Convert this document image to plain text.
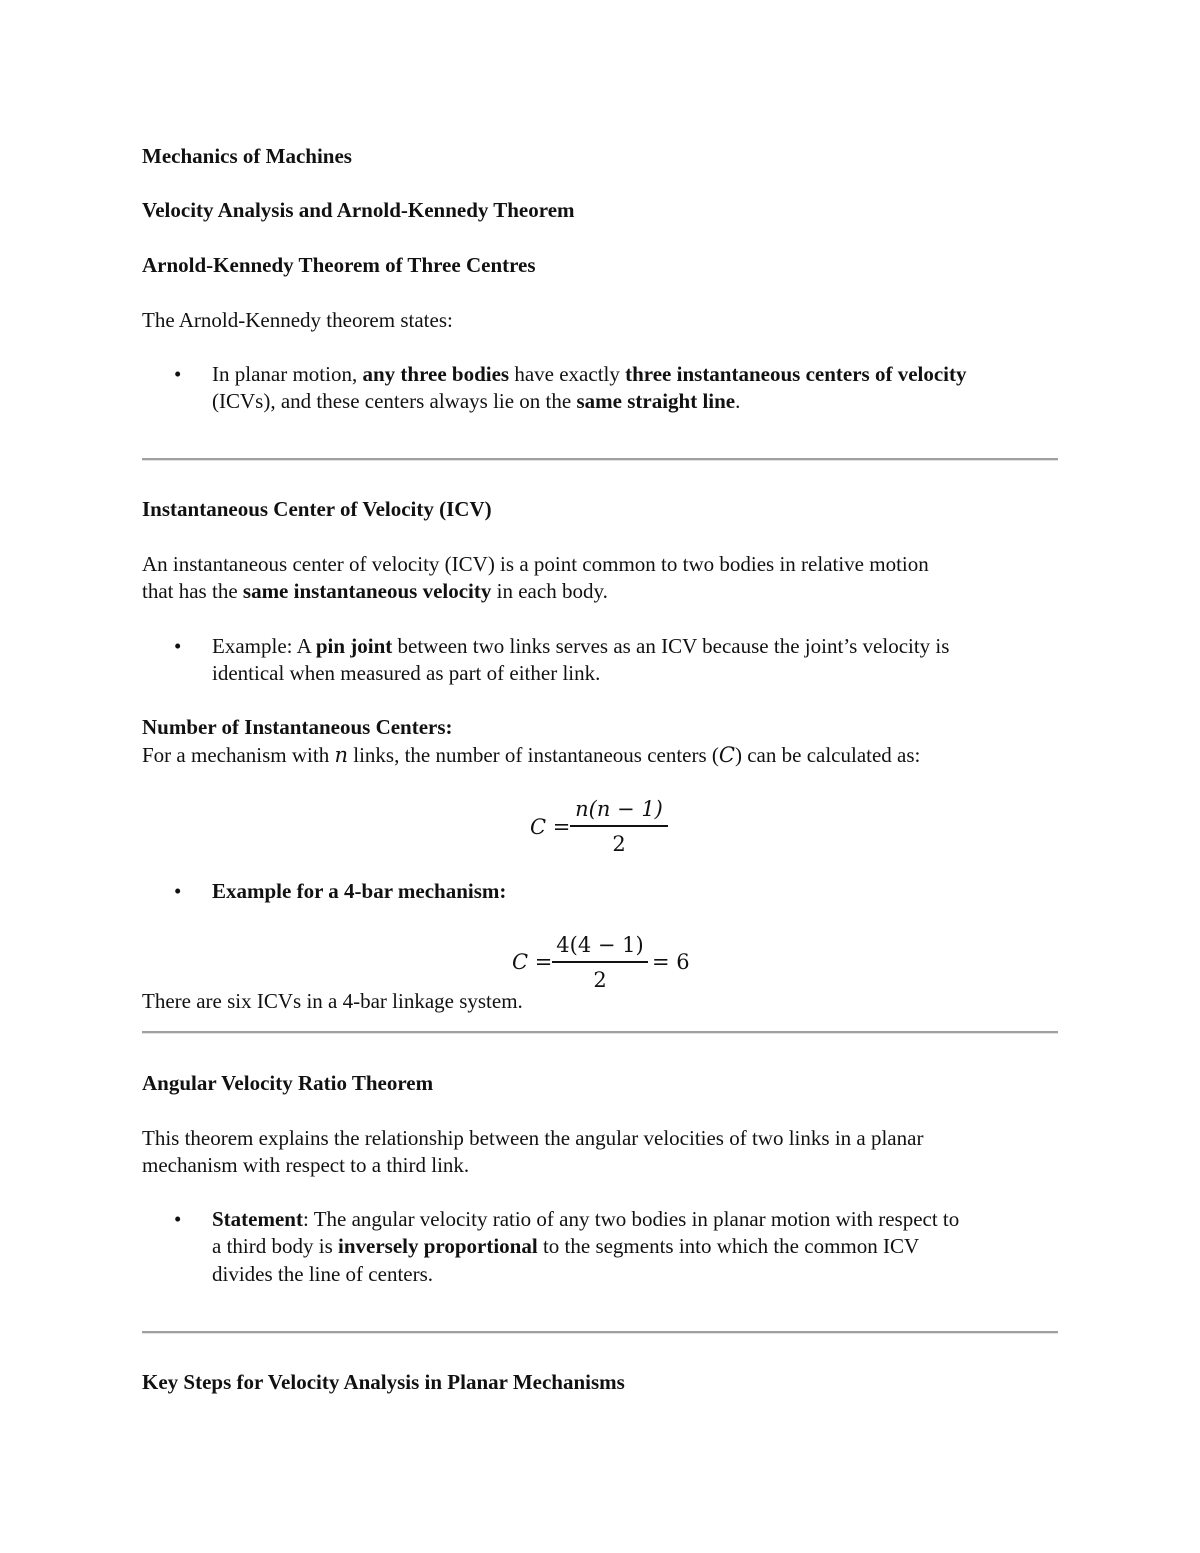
Mechanics of Machines
Velocity Analysis and Arnold-Kennedy Theorem
Arnold-Kennedy Theorem of Three Centres
The Arnold-Kennedy theorem states:
• In planar motion, any three bodies have exactly three instantaneous centers of velocity
(ICVs), and these centers always lie on the same straight line.
Instantaneous Center of Velocity (ICV)
An instantaneous center of velocity (ICV) is a point common to two bodies in relative motion
that has the same instantaneous velocity in each body.
• Example: A pin joint between two links serves as an ICV because the joint’s velocity is
identical when measured as part of either link.
Number of Instantaneous Centers:
For a mechanism with n links, the number of instantaneous centers (C) can be calculated as:
C =
n(n − 1)
2
• Example for a 4-bar mechanism:
C =
4(4 − 1)
2
= 6
There are six ICVs in a 4-bar linkage system.
Angular Velocity Ratio Theorem
This theorem explains the relationship between the angular velocities of two links in a planar
mechanism with respect to a third link.
• Statement: The angular velocity ratio of any two bodies in planar motion with respect to
a third body is inversely proportional to the segments into which the common ICV
divides the line of centers.
Key Steps for Velocity Analysis in Planar Mechanisms
